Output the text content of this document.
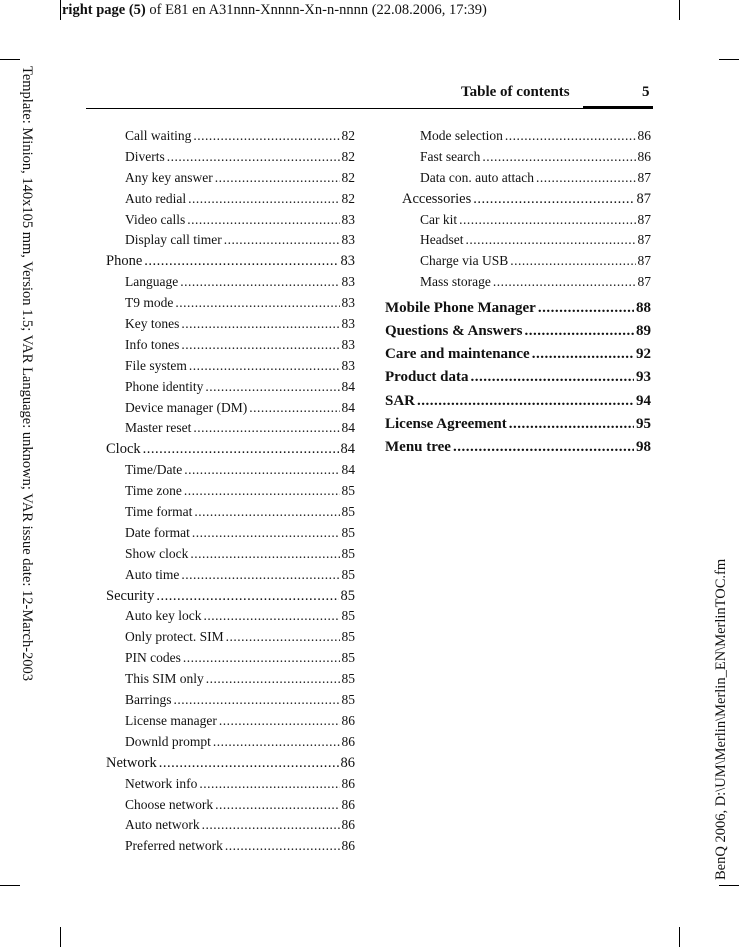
right page (5) of E81 en A31nnn-Xnnnn-Xn-n-nnnn (22.08.2006, 17:39)
Template: Minion, 140x105 mm, Version 1.5; VAR Language: unknown; VAR issue date: 12-March-2003
BenQ 2006, D:\UM\Merlin\Merlin_EN\MerlinTOC.fm
Table of contents	5
Call waiting .....	82
Diverts .....	82
Any key answer .....	82
Auto redial .....	82
Video calls .....	83
Display call timer .....	83
Phone .....	83
Language .....	83
T9 mode .....	83
Key tones .....	83
Info tones .....	83
File system .....	83
Phone identity .....	84
Device manager (DM) .....	84
Master reset .....	84
Clock .....	84
Time/Date .....	84
Time zone .....	85
Time format .....	85
Date format .....	85
Show clock .....	85
Auto time .....	85
Security .....	85
Auto key lock .....	85
Only protect. SIM .....	85
PIN codes .....	85
This SIM only .....	85
Barrings .....	85
License manager .....	86
Downld prompt .....	86
Network .....	86
Network info .....	86
Choose network .....	86
Auto network .....	86
Preferred network .....	86
Mode selection .....	86
Fast search .....	86
Data con. auto attach .....	87
Accessories .....	87
Car kit .....	87
Headset .....	87
Charge via USB .....	87
Mass storage .....	87
Mobile Phone Manager .....	88
Questions & Answers .....	89
Care and maintenance .....	92
Product data .....	93
SAR .....	94
License Agreement .....	95
Menu tree .....	98
